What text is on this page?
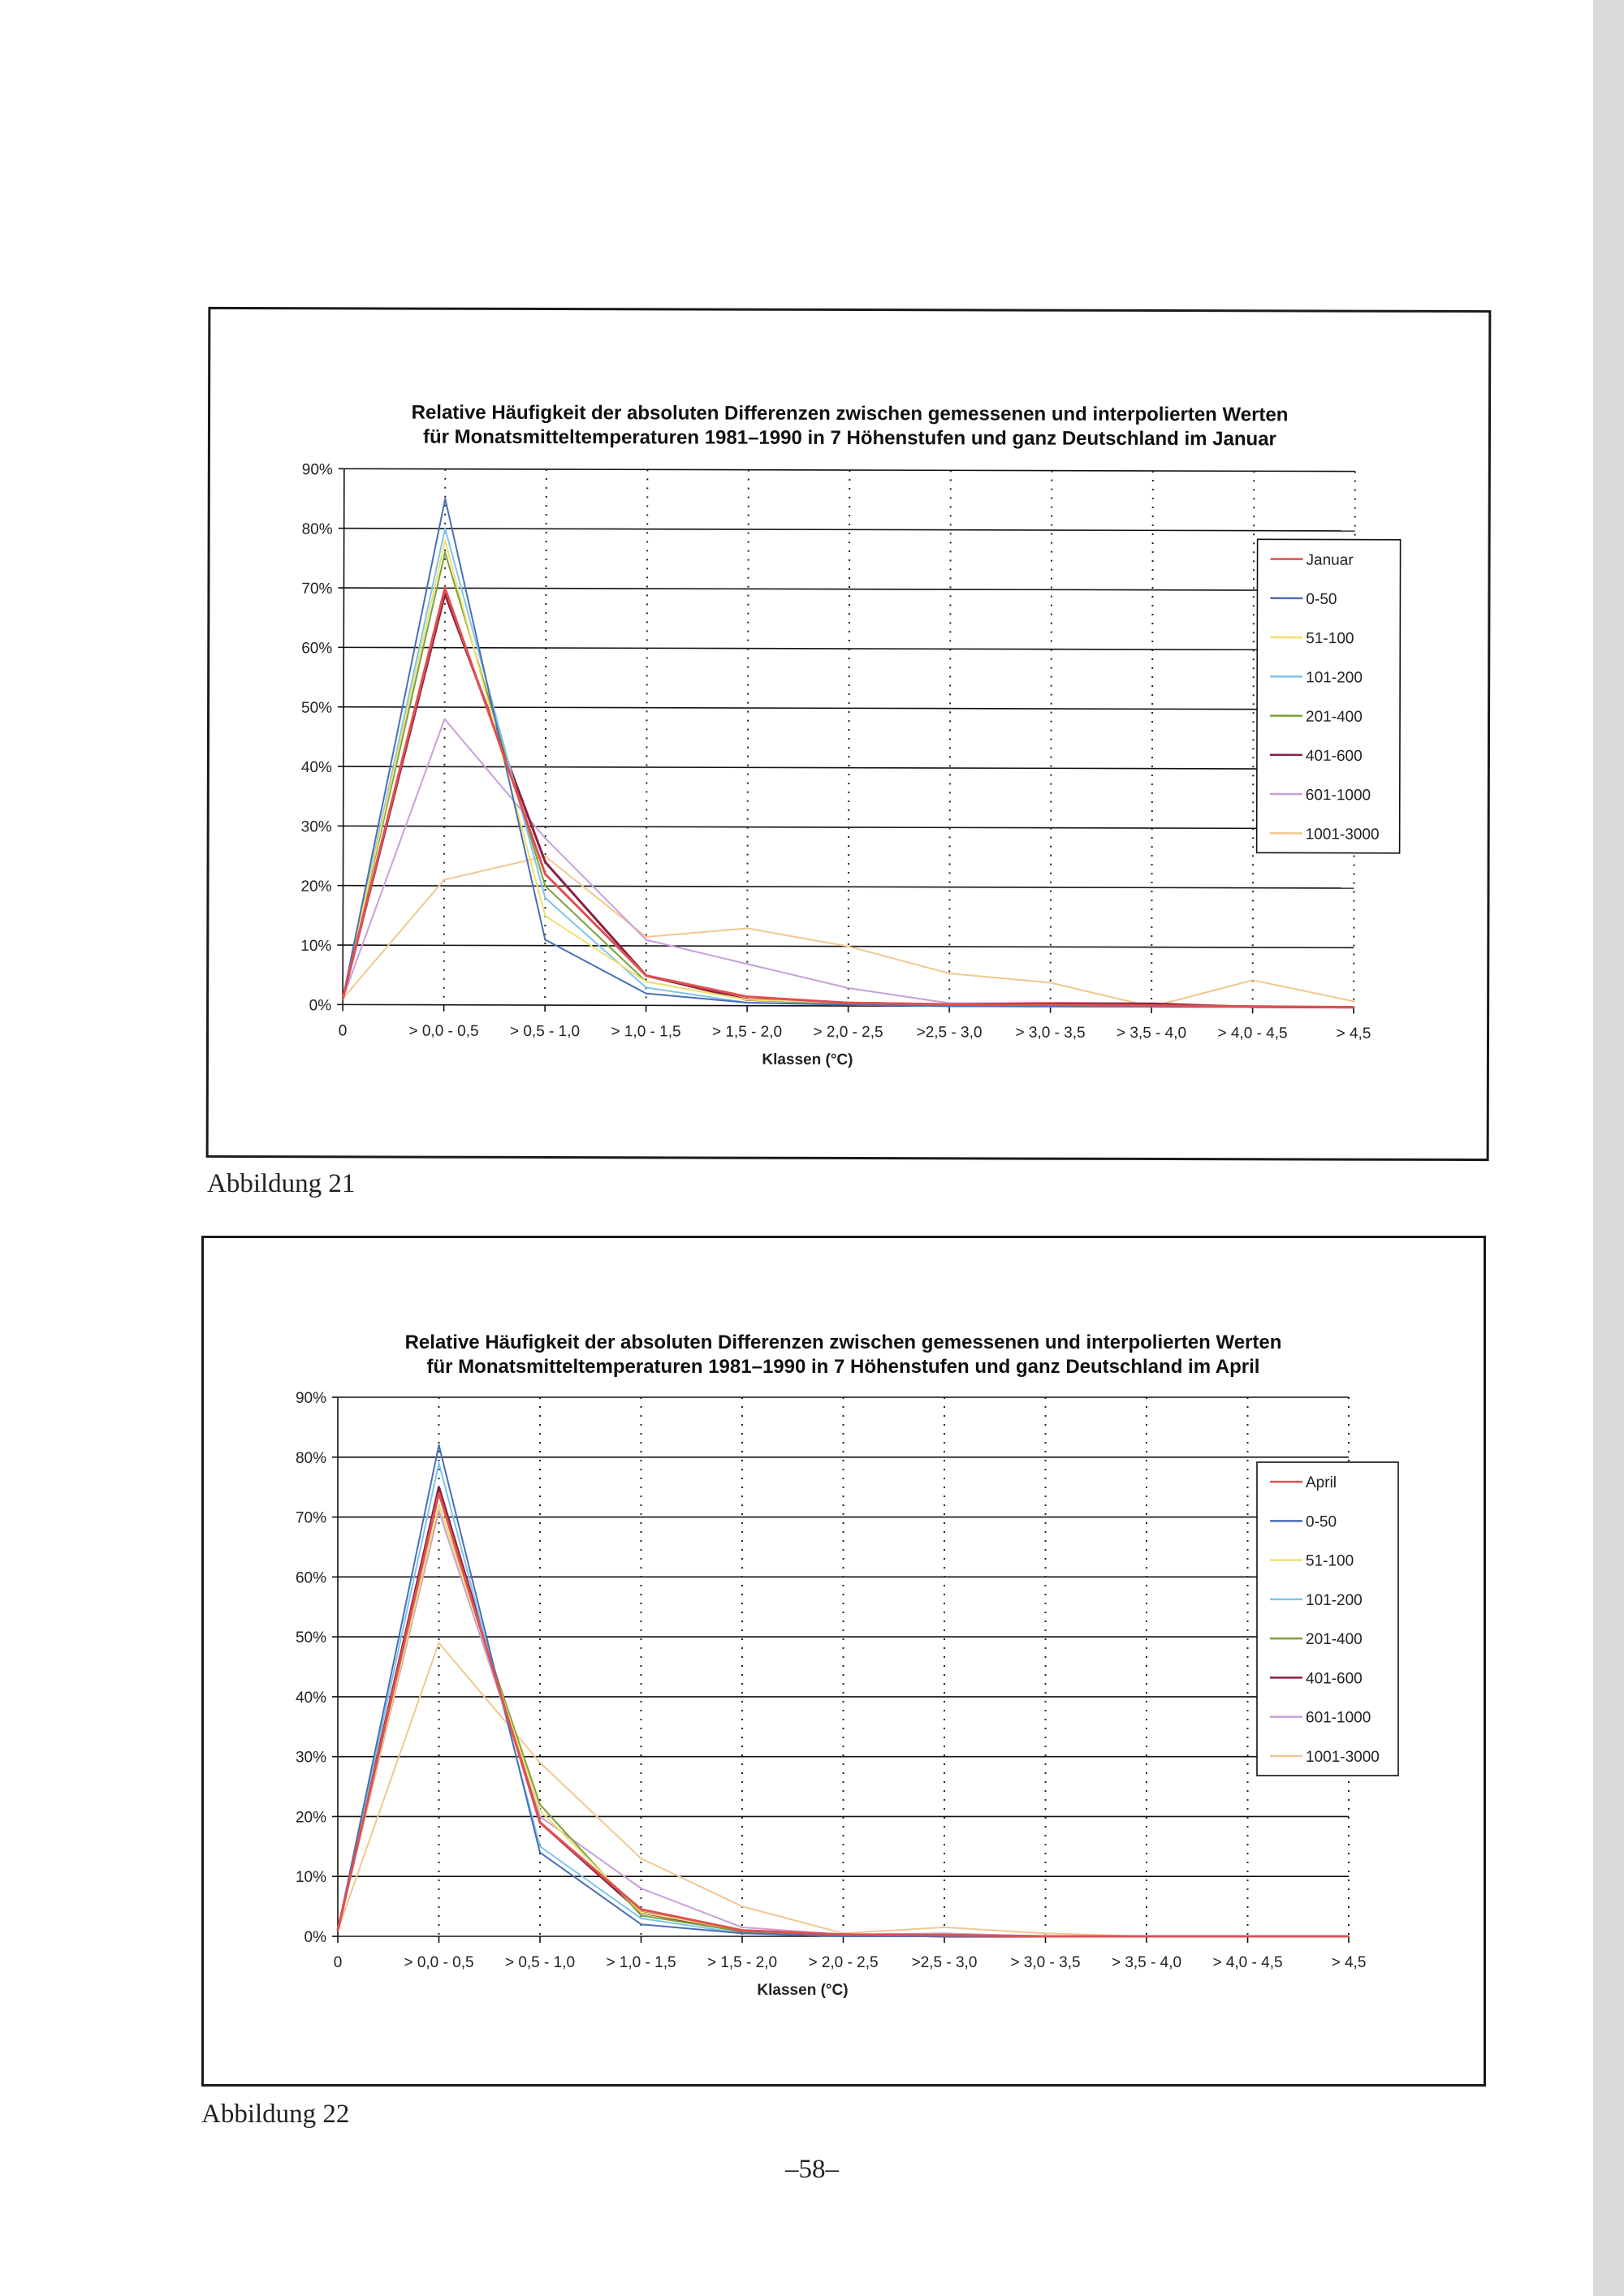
Relative Häufigkeit der absoluten Differenzen zwischen gemessenen und interpolierten Werten
für Monatsmitteltemperaturen 1981–1990 in 7 Höhenstufen und ganz Deutschland im Januar
0%
10%
20%
30%
40%
50%
60%
70%
80%
90%
0	> 0,0 - 0,5 > 0,5 - 1,0 > 1,0 - 1,5 > 1,5 - 2,0 > 2,0 - 2,5 >2,5 - 3,0 > 3,0 - 3,5 > 3,5 - 4,0 > 4,0 - 4,5	> 4,5
Klassen (°C)
Januar
0-50
51-100
101-200
201-400
401-600
601-1000
1001-3000
Abbildung 21
Relative Häufigkeit der absoluten Differenzen zwischen gemessenen und interpolierten Werten
für Monatsmitteltemperaturen 1981–1990 in 7 Höhenstufen und ganz Deutschland im April
0%
10%
20%
30%
40%
50%
60%
70%
80%
90%
0	> 0,0 - 0,5 > 0,5 - 1,0 > 1,0 - 1,5 > 1,5 - 2,0 > 2,0 - 2,5 >2,5 - 3,0 > 3,0 - 3,5 > 3,5 - 4,0 > 4,0 - 4,5	> 4,5
Klassen (°C)
April
0-50
51-100
101-200
201-400
401-600
601-1000
1001-3000
Abbildung 22
–58–
